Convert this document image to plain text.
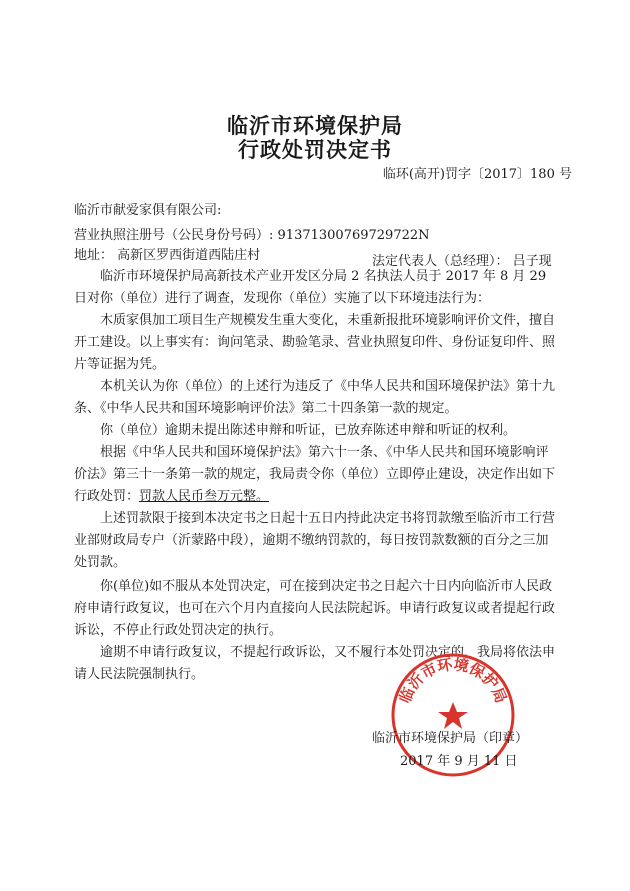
临沂市环境保护局
行政处罚决定书
临环(高开)罚字〔2017〕180 号
临沂市献爱家俱有限公司:
营业执照注册号（公民身份号码）: 91371300769729722N
地址： 高新区罗西街道西陆庄村	法定代表人（总经理）： 吕子现
临沂市环境保护局高新技术产业开发区分局 2 名执法人员于 2017 年 8 月 29 日对你（单位）进行了调查，发现你（单位）实施了以下环境违法行为：
木质家俱加工项目生产规模发生重大变化，未重新报批环境影响评价文件，擅自开工建设。以上事实有：询问笔录、勘验笔录、营业执照复印件、身份证复印件、照片等证据为凭。
本机关认为你（单位）的上述行为违反了《中华人民共和国环境保护法》第十九条、《中华人民共和国环境影响评价法》第二十四条第一款的规定。
你（单位）逾期未提出陈述申辩和听证，已放弃陈述申辩和听证的权利。
根据《中华人民共和国环境保护法》第六十一条、《中华人民共和国环境影响评价法》第三十一条第一款的规定，我局责令你（单位）立即停止建设，决定作出如下行政处罚：罚款人民币叁万元整。
上述罚款限于接到本决定书之日起十五日内持此决定书将罚款缴至临沂市工行营业部财政局专户（沂蒙路中段），逾期不缴纳罚款的，每日按罚款数额的百分之三加处罚款。
你(单位)如不服从本处罚决定，可在接到决定书之日起六十日内向临沂市人民政府申请行政复议，也可在六个月内直接向人民法院起诉。申请行政复议或者提起行政诉讼，不停止行政处罚决定的执行。
逾期不申请行政复议，不提起行政诉讼，又不履行本处罚决定的，我局将依法申请人民法院强制执行。
临沂市环境保护局
临沂市环境保护局（印章）
2017 年 9 月 11 日
